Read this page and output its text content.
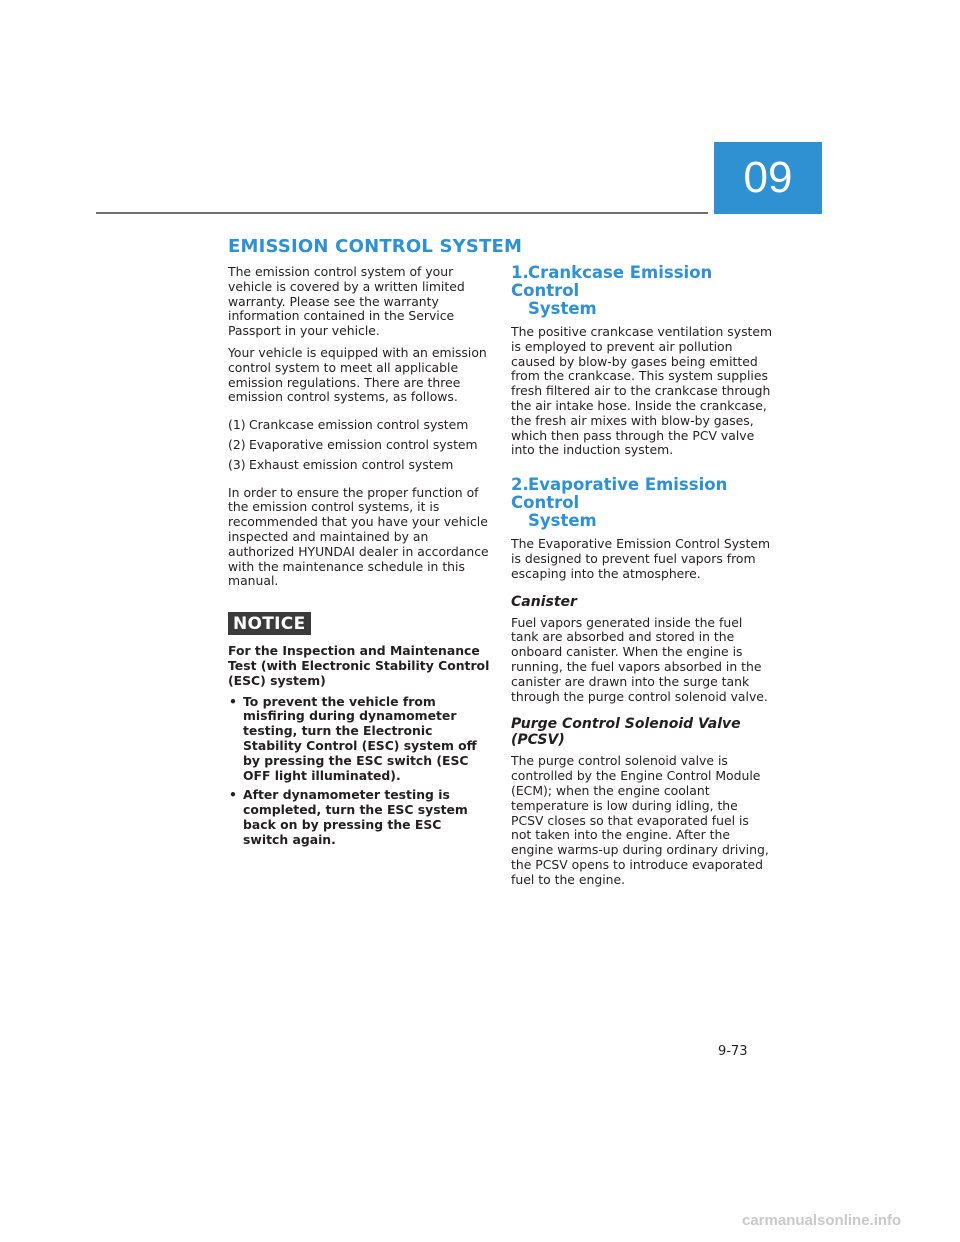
09
EMISSION CONTROL SYSTEM

The emission control system of your vehicle is covered by a written limited warranty. Please see the warranty information contained in the Service Passport in your vehicle.

Your vehicle is equipped with an emission control system to meet all applicable emission regulations. There are three emission control systems, as follows.

(1) Crankcase emission control system
(2) Evaporative emission control system
(3) Exhaust emission control system

In order to ensure the proper function of the emission control systems, it is recommended that you have your vehicle inspected and maintained by an authorized HYUNDAI dealer in accordance with the maintenance schedule in this manual.

NOTICE

For the Inspection and Maintenance Test (with Electronic Stability Control (ESC) system)

• To prevent the vehicle from misfiring during dynamometer testing, turn the Electronic Stability Control (ESC) system off by pressing the ESC switch (ESC OFF light illuminated).
• After dynamometer testing is completed, turn the ESC system back on by pressing the ESC switch again.
1.Crankcase Emission Control
System

The positive crankcase ventilation system is employed to prevent air pollution caused by blow-by gases being emitted from the crankcase. This system supplies fresh filtered air to the crankcase through the air intake hose. Inside the crankcase, the fresh air mixes with blow-by gases, which then pass through the PCV valve into the induction system.

2.Evaporative Emission Control
System

The Evaporative Emission Control System is designed to prevent fuel vapors from escaping into the atmosphere.

Canister

Fuel vapors generated inside the fuel tank are absorbed and stored in the onboard canister. When the engine is running, the fuel vapors absorbed in the canister are drawn into the surge tank through the purge control solenoid valve.

Purge Control Solenoid Valve (PCSV)

The purge control solenoid valve is controlled by the Engine Control Module (ECM); when the engine coolant temperature is low during idling, the PCSV closes so that evaporated fuel is not taken into the engine. After the engine warms-up during ordinary driving, the PCSV opens to introduce evaporated fuel to the engine.

9-73
carmanualsonline.info
